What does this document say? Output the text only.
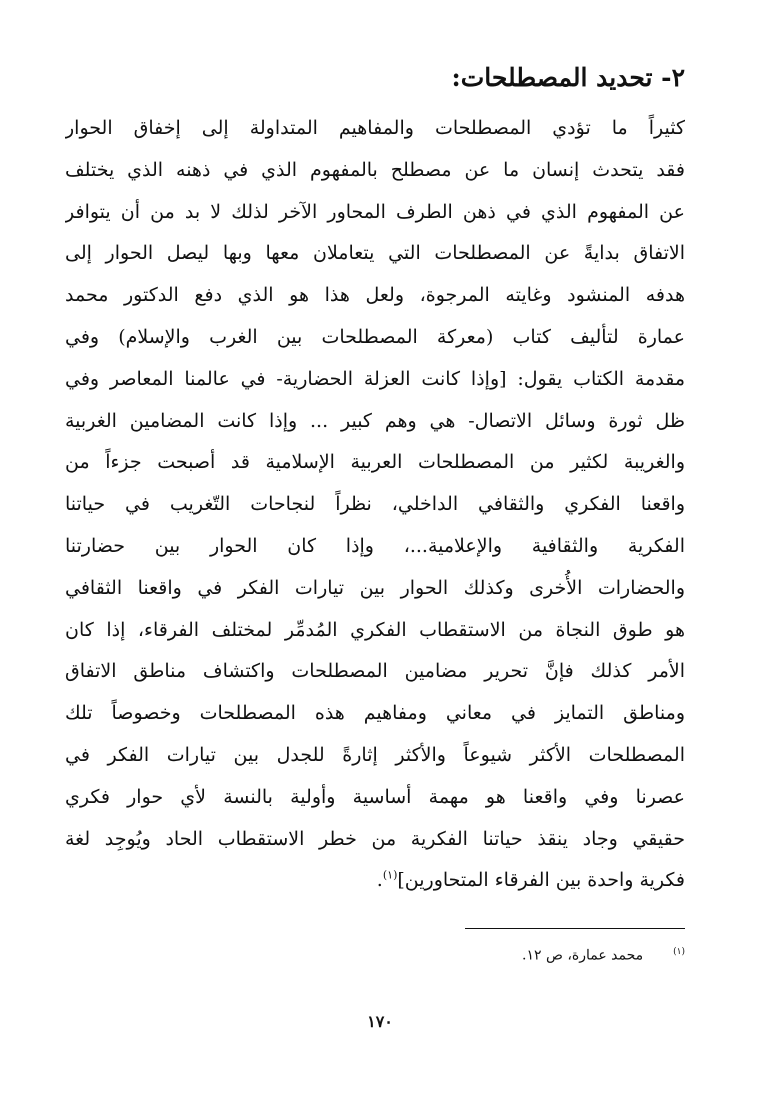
٢- تحديد المصطلحات:
كثيراً ما تؤدي المصطلحات والمفاهيم المتداولة إلى إخفاق الحوار
فقد يتحدث إنسان ما عن مصطلح بالمفهوم الذي في ذهنه الذي يختلف
عن المفهوم الذي في ذهن الطرف المحاور الآخر لذلك لا بد من أن يتوافر
الاتفاق بدايةً عن المصطلحات التي يتعاملان معها وبها ليصل الحوار إلى
هدفه المنشود وغايته المرجوة، ولعل هذا هو الذي دفع الدكتور محمد
عمارة لتأليف كتاب (معركة المصطلحات بين الغرب والإسلام) وفي
مقدمة الكتاب يقول: [وإذا كانت العزلة الحضارية- في عالمنا المعاصر وفي
ظل ثورة وسائل الاتصال- هي وهم كبير ... وإذا كانت المضامين الغربية
والغريبة لكثير من المصطلحات العربية الإسلامية قد أصبحت جزءاً من
واقعنا الفكري والثقافي الداخلي، نظراً لنجاحات التّغريب في حياتنا
الفكرية والثقافية والإعلامية...، وإذا كان الحوار بين حضارتنا
والحضارات الأُخرى وكذلك الحوار بين تيارات الفكر في واقعنا الثقافي
هو طوق النجاة من الاستقطاب الفكري المُدمِّر لمختلف الفرقاء، إذا كان
الأمر كذلك فإنَّ تحرير مضامين المصطلحات واكتشاف مناطق الاتفاق
ومناطق التمايز في معاني ومفاهيم هذه المصطلحات وخصوصاً تلك
المصطلحات الأكثر شيوعاً والأكثر إثارةً للجدل بين تيارات الفكر في
عصرنا وفي واقعنا هو مهمة أساسية وأولية بالنسة لأي حوار فكري
حقيقي وجاد ينقذ حياتنا الفكرية من خطر الاستقطاب الحاد ويُوجِد لغة
فكرية واحدة بين الفرقاء المتحاورين]$^{(١)}$.
$^{(١)}$محمد عمارة، ص ١٢.
١٧٠
